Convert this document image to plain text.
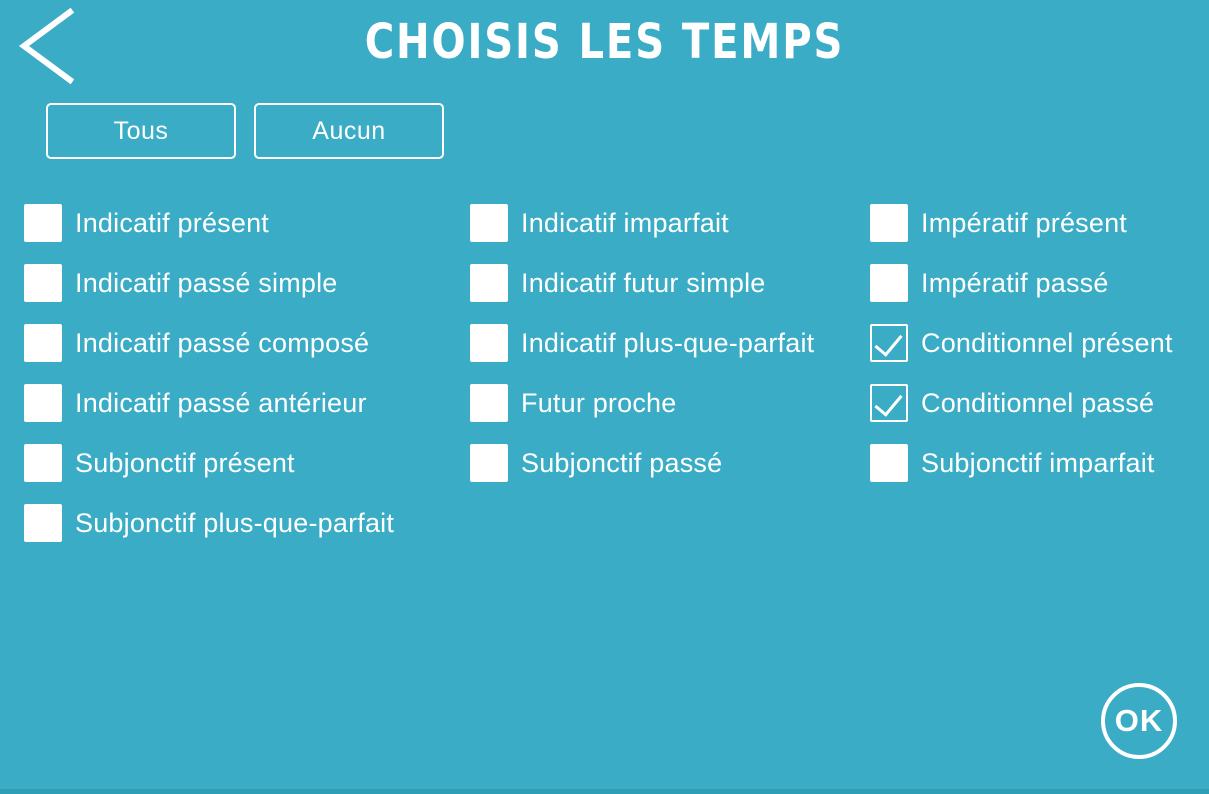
CHOISIS LES TEMPS
Tous	Aucun
Indicatif présent	Indicatif imparfait	Impératif présent
Indicatif passé simple	Indicatif futur simple	Impératif passé
Indicatif passé composé	Indicatif plus-que-parfait	Conditionnel présent
Indicatif passé antérieur	Futur proche	Conditionnel passé
Subjonctif présent	Subjonctif passé	Subjonctif imparfait
Subjonctif plus-que-parfait
OK
